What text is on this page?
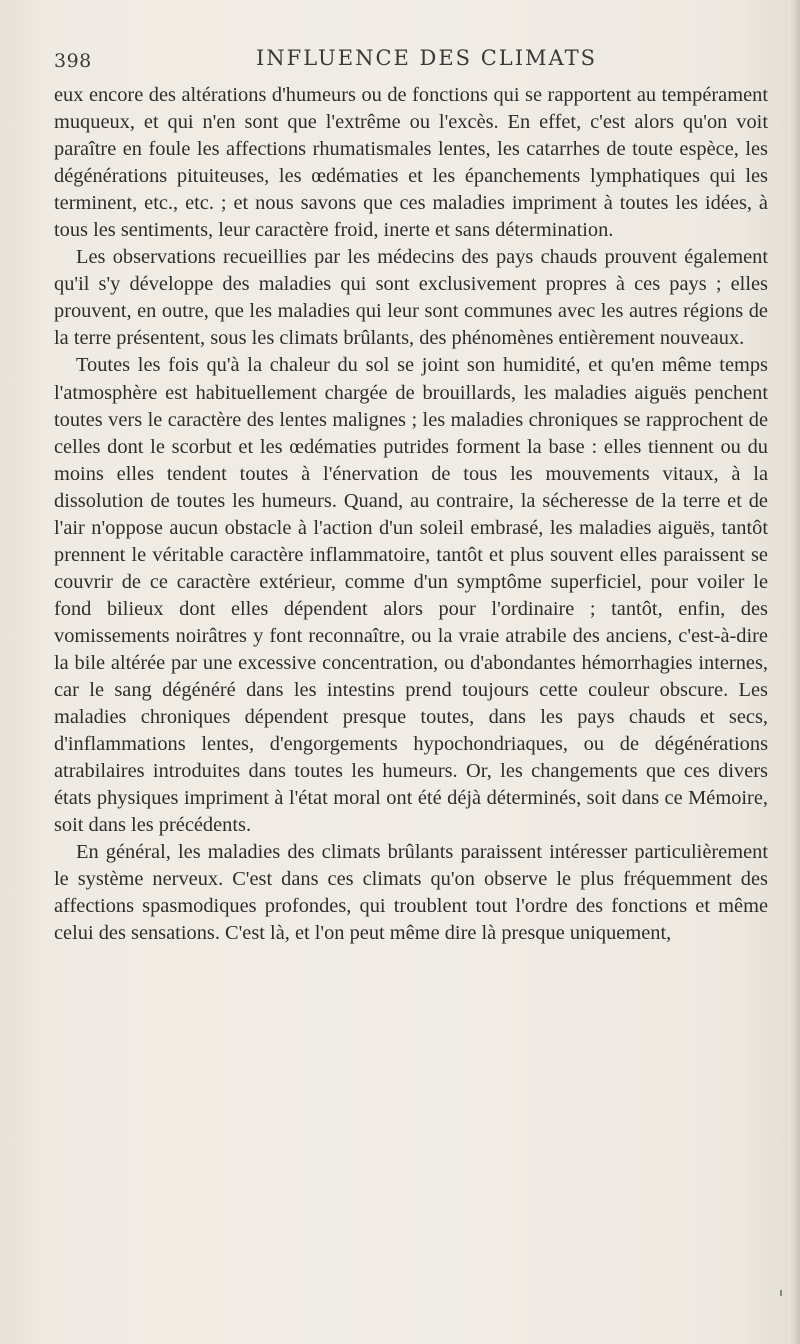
398	INFLUENCE DES CLIMATS

eux encore des altérations d'humeurs ou de fonctions qui se rapportent au tempérament muqueux, et qui n'en sont que l'extrême ou l'excès. En effet, c'est alors qu'on voit paraître en foule les affections rhumatismales lentes, les catarrhes de toute espèce, les dégénérations pituiteuses, les œdématies et les épanchements lymphatiques qui les terminent, etc., etc. ; et nous savons que ces maladies impriment à toutes les idées, à tous les sentiments, leur caractère froid, inerte et sans détermination.

Les observations recueillies par les médecins des pays chauds prouvent également qu'il s'y développe des maladies qui sont exclusivement propres à ces pays ; elles prouvent, en outre, que les maladies qui leur sont communes avec les autres régions de la terre présentent, sous les climats brûlants, des phénomènes entièrement nouveaux.

Toutes les fois qu'à la chaleur du sol se joint son humidité, et qu'en même temps l'atmosphère est habituellement chargée de brouillards, les maladies aiguës penchent toutes vers le caractère des lentes malignes ; les maladies chroniques se rapprochent de celles dont le scorbut et les œdématies putrides forment la base : elles tiennent ou du moins elles tendent toutes à l'énervation de tous les mouvements vitaux, à la dissolution de toutes les humeurs. Quand, au contraire, la sécheresse de la terre et de l'air n'oppose aucun obstacle à l'action d'un soleil embrasé, les maladies aiguës, tantôt prennent le véritable caractère inflammatoire, tantôt et plus souvent elles paraissent se couvrir de ce caractère extérieur, comme d'un symptôme superficiel, pour voiler le fond bilieux dont elles dépendent alors pour l'ordinaire ; tantôt, enfin, des vomissements noirâtres y font reconnaître, ou la vraie atrabile des anciens, c'est-à-dire la bile altérée par une excessive concentration, ou d'abondantes hémorrhagies internes, car le sang dégénéré dans les intestins prend toujours cette couleur obscure. Les maladies chroniques dépendent presque toutes, dans les pays chauds et secs, d'inflammations lentes, d'engorgements hypochondriaques, ou de dégénérations atrabilaires introduites dans toutes les humeurs. Or, les changements que ces divers états physiques impriment à l'état moral ont été déjà déterminés, soit dans ce Mémoire, soit dans les précédents.

En général, les maladies des climats brûlants paraissent intéresser particulièrement le système nerveux. C'est dans ces climats qu'on observe le plus fréquemment des affections spasmodiques profondes, qui troublent tout l'ordre des fonctions et même celui des sensations. C'est là, et l'on peut même dire là presque uniquement,
